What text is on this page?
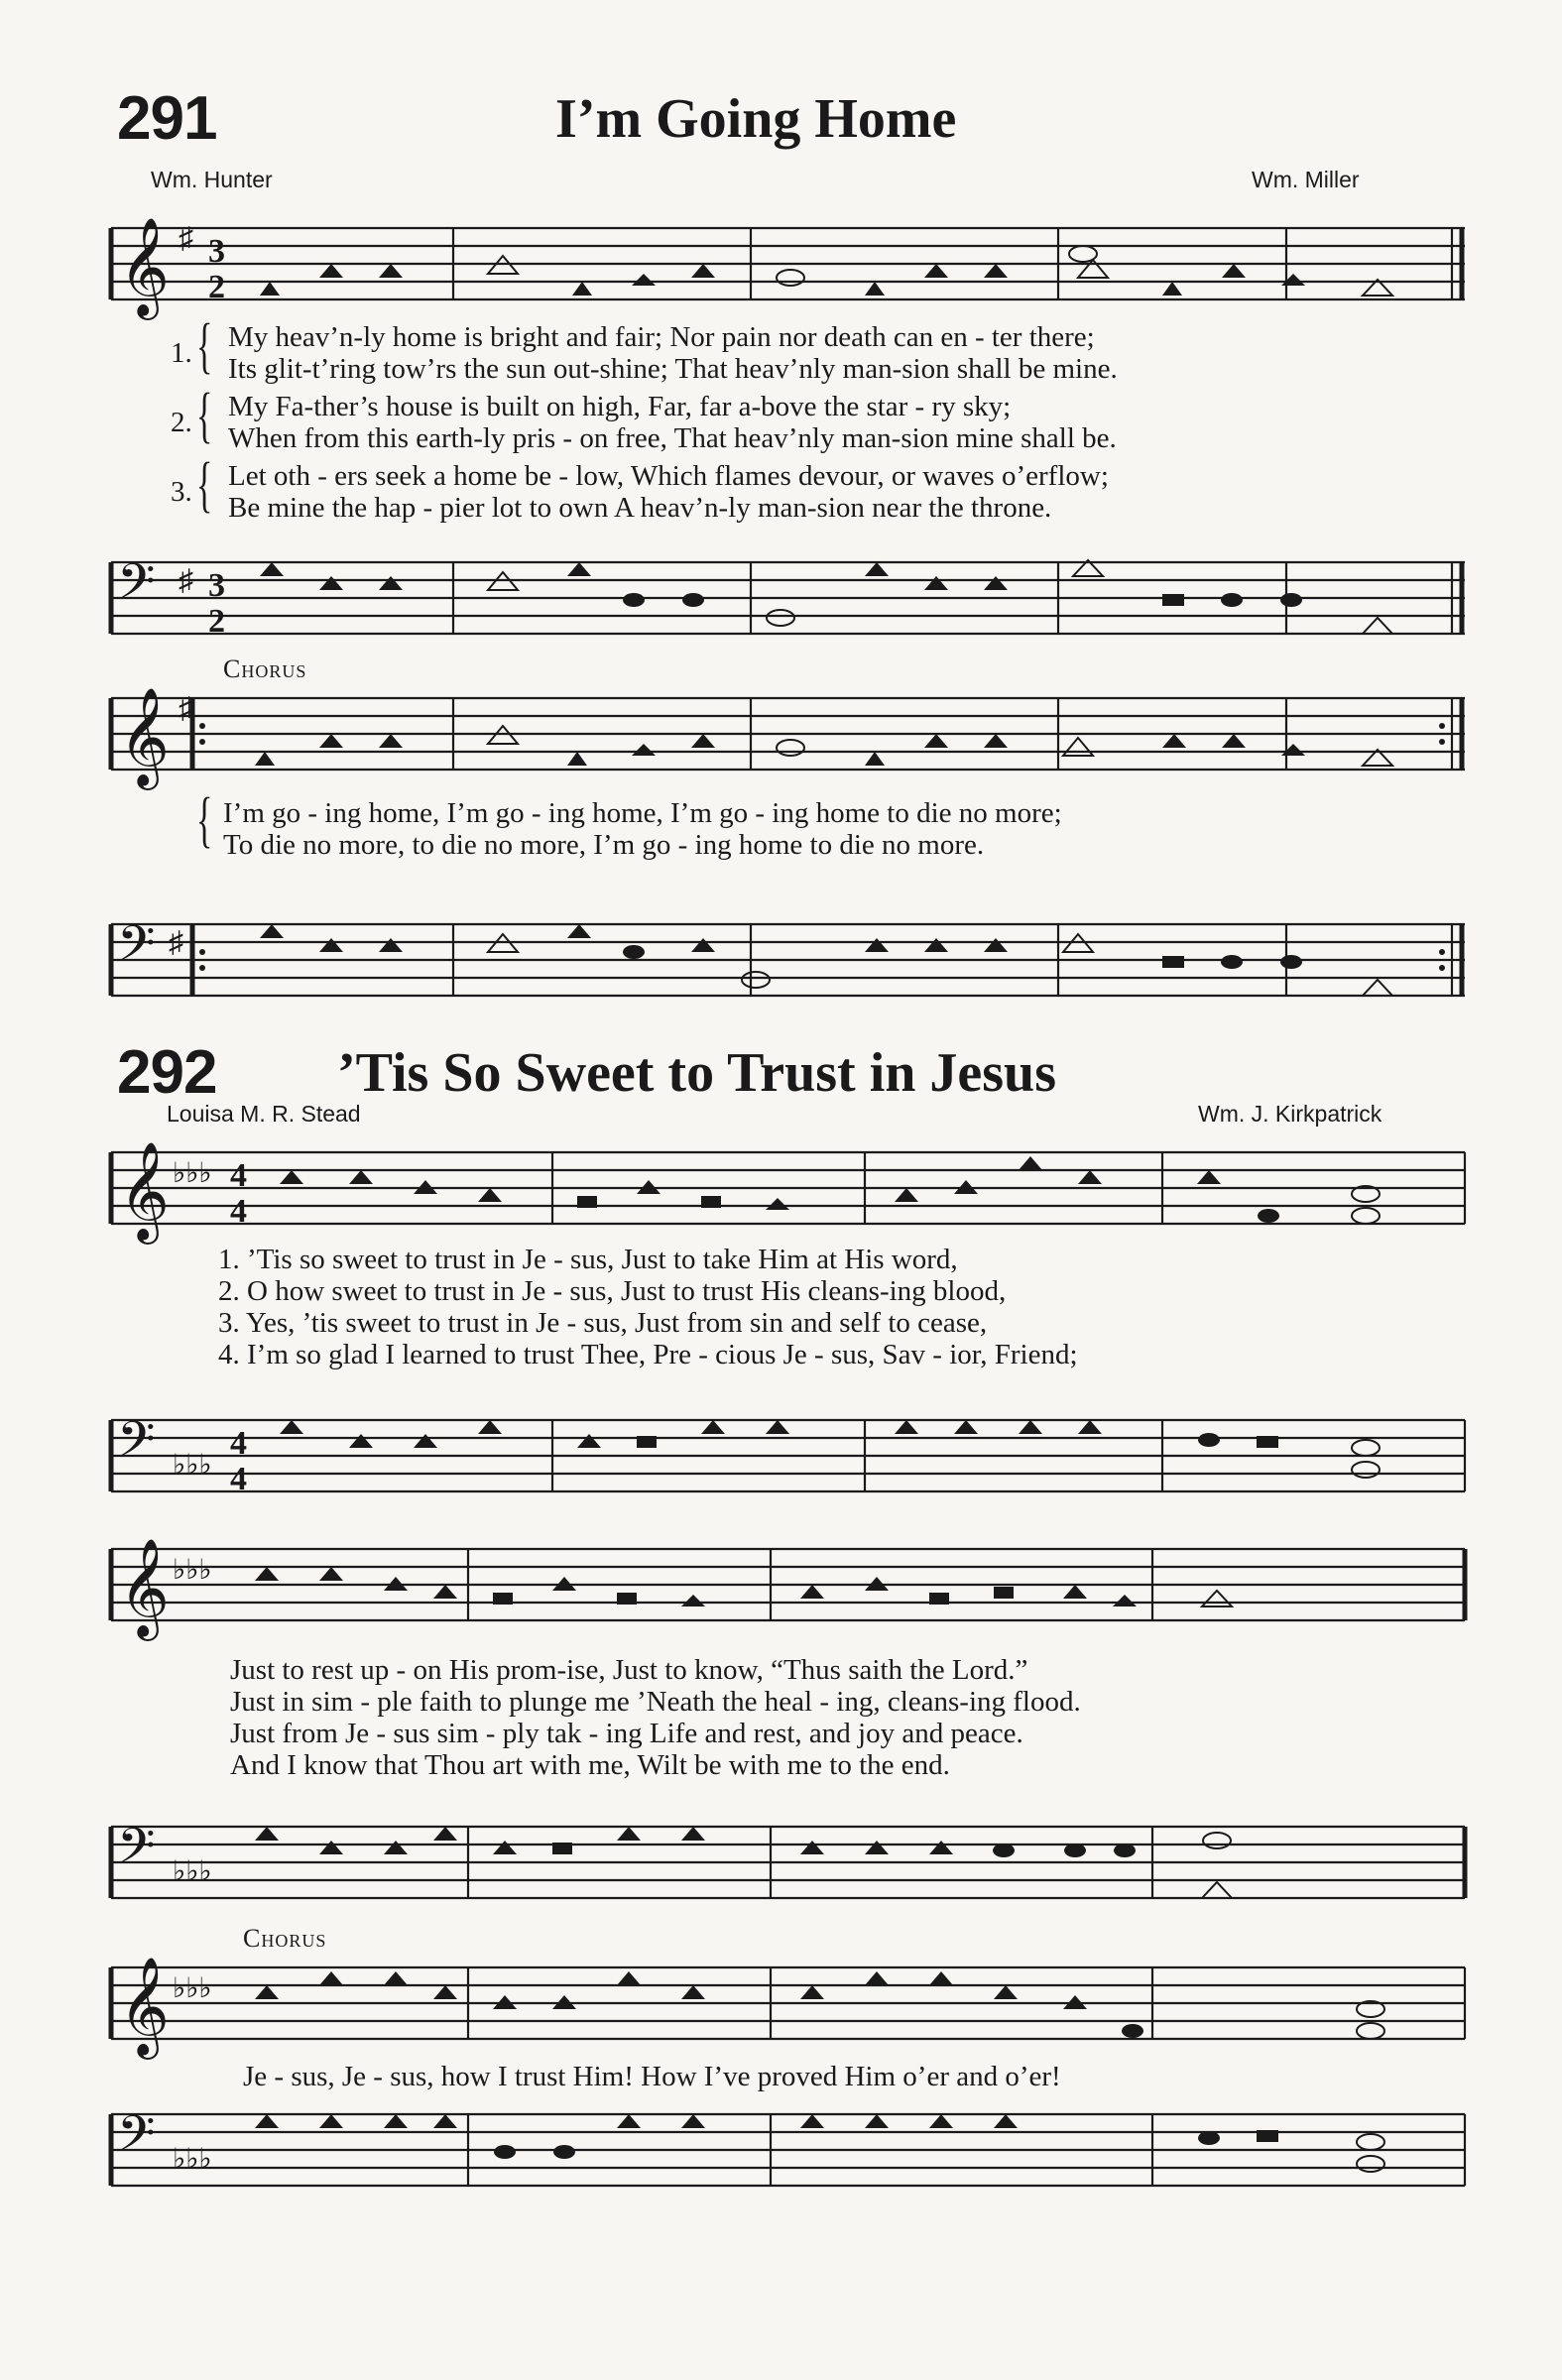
291	I’m Going Home
Wm. Hunter	Wm. Miller
𝄞 ♯ 3
2
1. { My heav’n-ly home is bright and fair; Nor pain nor death can en - ter there;
Its glit-t’ring tow’rs the sun out-shine; That heav’nly man-sion shall be mine.
2. { My Fa-ther’s house is built on high, Far, far a-bove the star - ry sky;
When from this earth-ly pris - on free, That heav’nly man-sion mine shall be.
3. { Let oth - ers seek a home be - low, Which flames devour, or waves o’erflow;
Be mine the hap - pier lot to own A heav’n-ly man-sion near the throne.
𝄢 ♯ 3
2
Chorus
𝄞 ♯
{ I’m go - ing home, I’m go - ing home, I’m go - ing home to die no more;
To die no more, to die no more, I’m go - ing home to die no more.
𝄢 ♯
292 ’Tis So Sweet to Trust in Jesus
Louisa M. R. Stead	Wm. J. Kirkpatrick
𝄞 ♭♭♭ 4
4
1. ’Tis so sweet to trust in Je - sus, Just to take Him at His word,
2. O how sweet to trust in Je - sus, Just to trust His cleans-ing blood,
3. Yes, ’tis sweet to trust in Je - sus, Just from sin and self to cease,
4. I’m so glad I learned to trust Thee, Pre - cious Je - sus, Sav - ior, Friend;
𝄢 ♭♭♭
4
4
𝄞 ♭♭♭
Just to rest up - on His prom-ise, Just to know, “Thus saith the Lord.”
Just in sim - ple faith to plunge me ’Neath the heal - ing, cleans-ing flood.
Just from Je - sus sim - ply tak - ing Life and rest, and joy and peace.
And I know that Thou art with me, Wilt be with me to the end.
𝄢 ♭♭♭
Chorus
𝄞 ♭♭♭
Je - sus, Je - sus, how I trust Him! How I’ve proved Him o’er and o’er!
𝄢 ♭♭♭
